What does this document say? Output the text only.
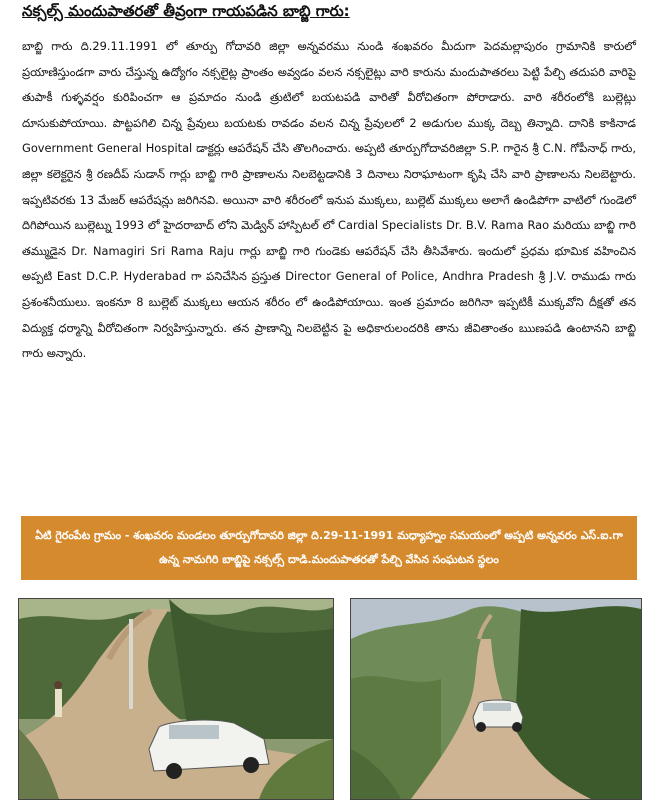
నక్సల్స్ మందుపాతరతో తీవ్రంగా గాయపడిన బాబ్జి గారు:
బాబ్జి గారు ది.29.11.1991 లో తూర్పు గోదావరి జిల్లా అన్నవరము నుండి శంఖవరం మీదుగా పెదమల్లాపురం గ్రామానికి కారులో ప్రయాణిస్తుండగా వారు చేస్తున్న ఉద్యోగం నక్సలైట్ల ప్రాంతం అవ్వడం వలన నక్సలైట్లు వారి కారును మందుపాతరలు పెట్టి పేల్చి తదుపరి వారిపై తుపాకీ గుళ్ళవర్షం కురిపించగా ఆ ప్రమాదం నుండి త్రుటిలో బయటపడి వారితో వీరోచితంగా పోరాడారు. వారి శరీరంలోకి బుల్లెట్లు దూసుకుపోయాయి. పొట్టపగిలి చిన్న ప్రేవులు బయటకు రావడం వలన చిన్న ప్రేవులలో 2 అడుగుల ముక్క దెబ్బ తిన్నాది. దానికి కాకినాడ Government General Hospital డాక్టర్లు ఆపరేషన్ చేసి తొలగించారు. అప్పటి తూర్పుగోదావరిజిల్లా S.P. గారైన శ్రీ C.N. గోపీనాధ్ గారు, జిల్లా కలెక్టరైన శ్రీ రణదీప్ సుడాన్ గార్లు బాబ్జి గారి ప్రాణాలను నిలబెట్టడానికి 3 దినాలు నిరాఘాటంగా కృషి చేసి వారి ప్రాణాలను నిలబెట్టారు. ఇప్పటివరకు 13 మేజర్ ఆపరేషన్లు జరిగినవి. అయినా వారి శరీరంలో ఇనుప ముక్కలు, బుల్లెట్ ముక్కలు అలాగే ఉండిపోగా వాటిలో గుండెలో దిగిపోయిన బుల్లెట్ను 1993 లో హైదరాబాద్ లోని మెడ్విన్ హాస్పిటల్ లో Cardial Specialists Dr. B.V. Rama Rao మరియు బాబ్జి గారి తమ్ముడైన Dr. Namagiri Sri Rama Raju గార్లు బాబ్జి గారి గుండెకు ఆపరేషన్ చేసి తీసివేశారు. ఇందులో ప్రధమ భూమిక వహించిన అప్పటి East D.C.P. Hyderabad గా పనిచేసిన ప్రస్తుత Director General of Police, Andhra Pradesh శ్రీ J.V. రాముడు గారు ప్రశంశనీయులు. ఇంకనూ 8 బుల్లెట్ ముక్కలు ఆయన శరీరం లో ఉండిపోయాయి. ఇంత ప్రమాదం జరిగినా ఇప్పటికీ ముక్కవోని దీక్షతో తన విద్యుక్త ధర్మాన్ని వీరోచితంగా నిర్వహిస్తున్నారు. తన ప్రాణాన్ని నిలబెట్టిన పై అధికారులందరికి తాను జీవితాంతం ఋణపడి ఉంటానని బాబ్జి గారు అన్నారు.
ఏటి గైరంపేట గ్రామం - శంఖవరం మండలం తూర్పుగోదావరి జిల్లా ది.29-11-1991 మధ్యాహ్నం సమయంలో అప్పటి అన్నవరం ఎస్.ఐ.గా ఉన్న నామగిరి బాబ్జిపై నక్సల్స్ దాడి.మందుపాతరతో పేల్చి వేసిన సంఘటన స్థలం
